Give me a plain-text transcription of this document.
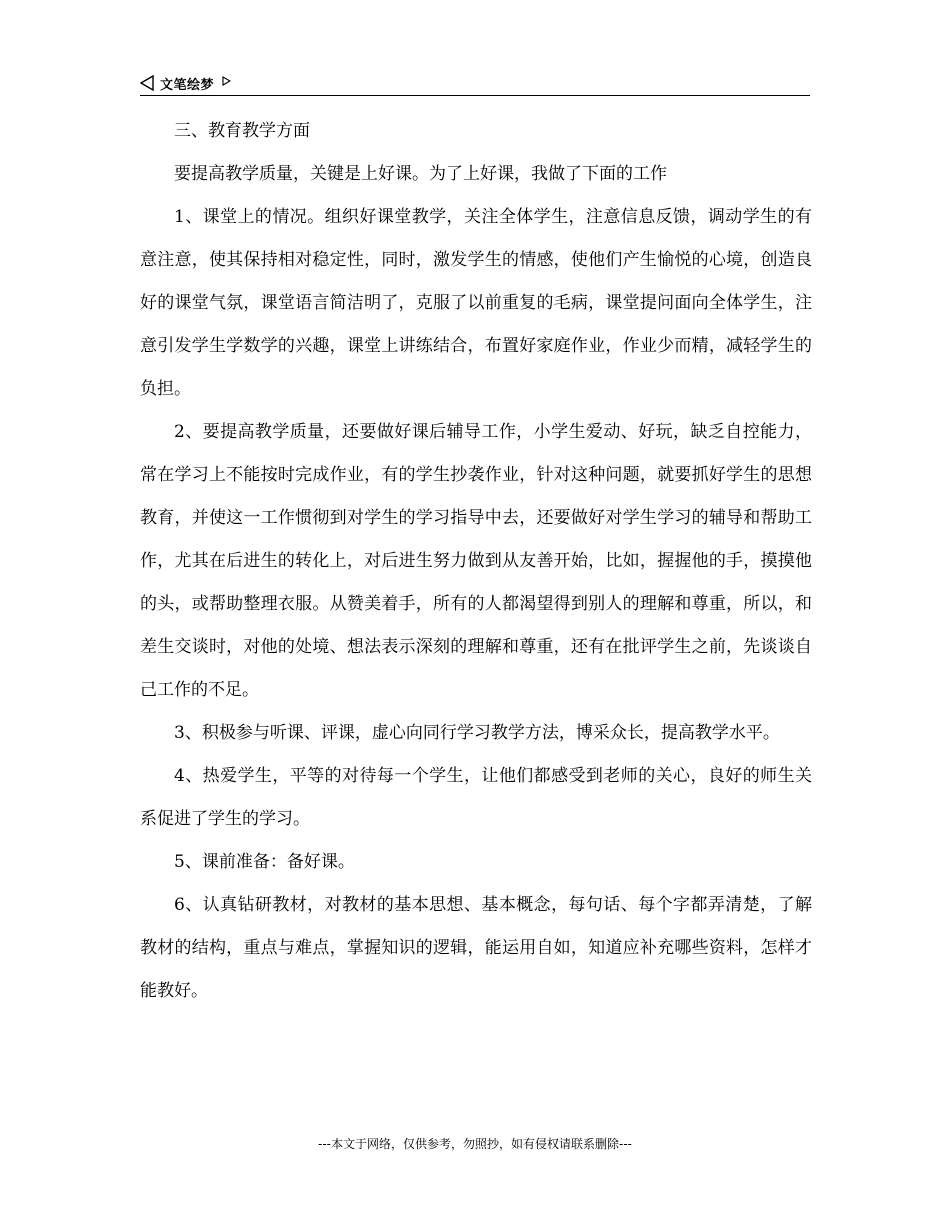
文笔绘梦

三、教育教学方面

要提高教学质量，关键是上好课。为了上好课，我做了下面的工作

1、课堂上的情况。组织好课堂教学，关注全体学生，注意信息反馈，调动学生的有意注意，使其保持相对稳定性，同时，激发学生的情感，使他们产生愉悦的心境，创造良好的课堂气氛，课堂语言简洁明了，克服了以前重复的毛病，课堂提问面向全体学生，注意引发学生学数学的兴趣，课堂上讲练结合，布置好家庭作业，作业少而精，减轻学生的负担。

2、要提高教学质量，还要做好课后辅导工作，小学生爱动、好玩，缺乏自控能力，常在学习上不能按时完成作业，有的学生抄袭作业，针对这种问题，就要抓好学生的思想教育，并使这一工作惯彻到对学生的学习指导中去，还要做好对学生学习的辅导和帮助工作，尤其在后进生的转化上，对后进生努力做到从友善开始，比如，握握他的手，摸摸他的头，或帮助整理衣服。从赞美着手，所有的人都渴望得到别人的理解和尊重，所以，和差生交谈时，对他的处境、想法表示深刻的理解和尊重，还有在批评学生之前，先谈谈自己工作的不足。

3、积极参与听课、评课，虚心向同行学习教学方法，博采众长，提高教学水平。

4、热爱学生，平等的对待每一个学生，让他们都感受到老师的关心，良好的师生关系促进了学生的学习。

5、课前准备：备好课。

6、认真钻研教材，对教材的基本思想、基本概念，每句话、每个字都弄清楚，了解教材的结构，重点与难点，掌握知识的逻辑，能运用自如，知道应补充哪些资料，怎样才能教好。

---本文于网络，仅供参考，勿照抄，如有侵权请联系删除---
